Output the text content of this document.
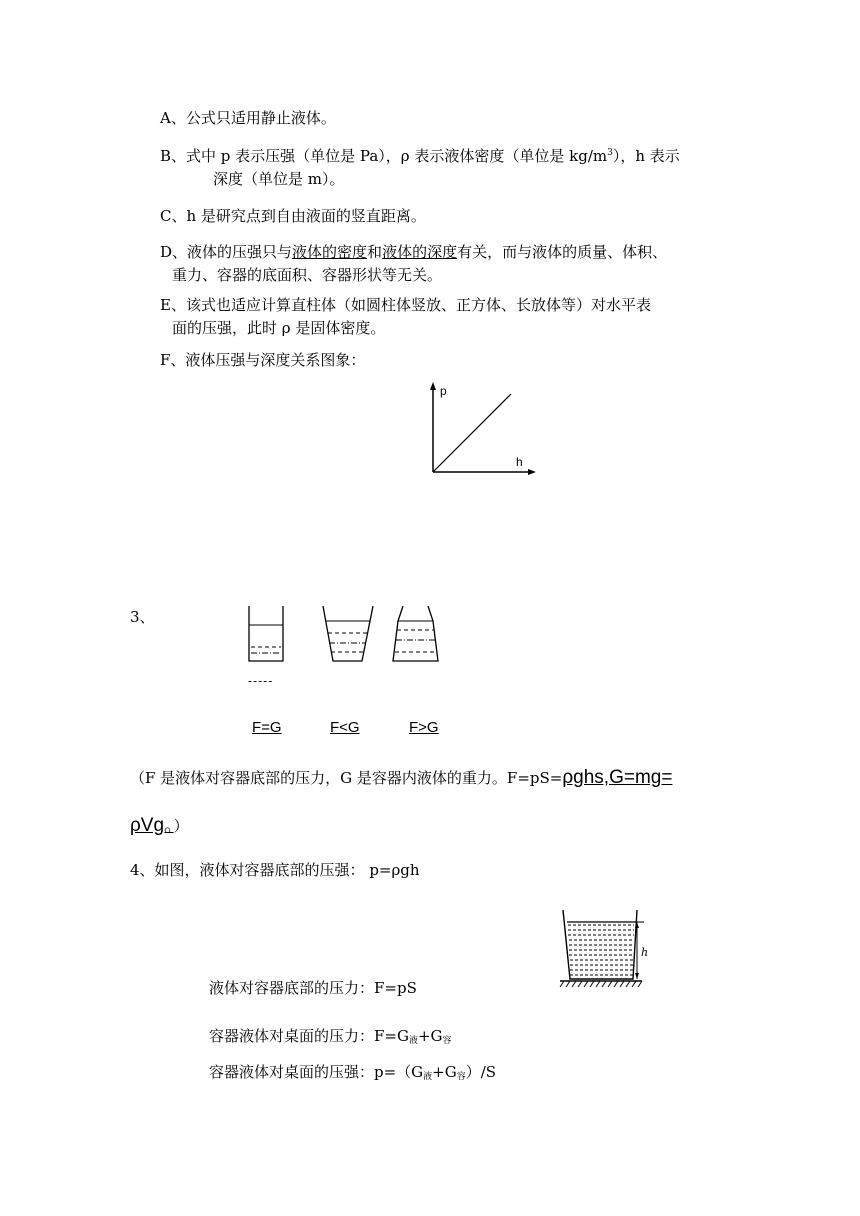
A、公式只适用静止液体。
B、式中 p 表示压强（单位是 Pa），ρ 表示液体密度（单位是 $kg/m^3$），h 表示
深度（单位是 m）。
C、h 是研究点到自由液面的竖直距离。
D、液体的压强只与液体的密度和液体的深度有关，而与液体的质量、体积、
重力、容器的底面积、容器形状等无关。
E、该式也适应计算直柱体（如圆柱体竖放、正方体、长放体等）对水平表
面的压强，此时 ρ 是固体密度。
F、液体压强与深度关系图象：
p
h
3、
-----
F=G	F<G	F>G
（F 是液体对容器底部的压力，G 是容器内液体的重力。F=pS=ρghs,G=mg=
ρVg。）
4、如图，液体对容器底部的压强： p=ρgh
h
液体对容器底部的压力：F=pS
容器液体对桌面的压力：$F=G_液+G_容$
容器液体对桌面的压强：$p=(G_液+G_容)/S$
